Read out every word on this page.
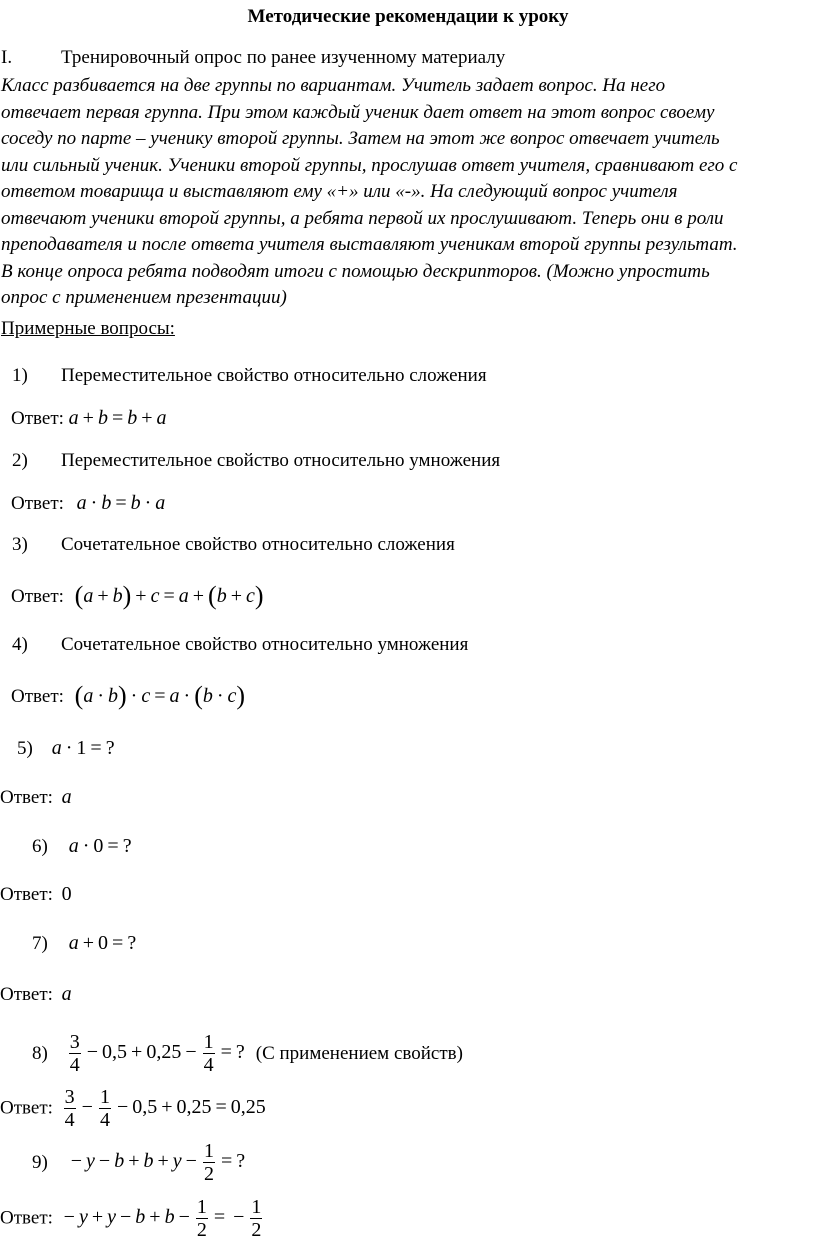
Методические рекомендации к уроку
I.	Тренировочный опрос по ранее изученному материалу
Класс разбивается на две группы по вариантам. Учитель задает вопрос. На него
отвечает первая группа. При этом каждый ученик дает ответ на этот вопрос своему
соседу по парте – ученику второй группы. Затем на этот же вопрос отвечает учитель
или сильный ученик. Ученики второй группы, прослушав ответ учителя, сравнивают его с
ответом товарища и выставляют ему «+» или «-». На следующий вопрос учителя
отвечают ученики второй группы, а ребята первой их прослушивают. Теперь они в роли
преподавателя и после ответа учителя выставляют ученикам второй группы результат.
В конце опроса ребята подводят итоги с помощью дескрипторов. (Можно упростить
опрос с применением презентации)
Примерные вопросы:
1) Переместительное свойство относительно сложения
Ответ: a + b = b + a
2) Переместительное свойство относительно умножения
Ответ: a · b = b · a
3) Сочетательное свойство относительно сложения
Ответ: (a + b) + c = a + (b + c)
4) Сочетательное свойство относительно умножения
Ответ: (a · b) · c = a · (b · c)
5) a · 1 = ?
Ответ: a
6) a · 0 = ?
Ответ: 0
7) a + 0 = ?
Ответ: a
$8) \frac{3}{4} - 0,5 + 0,25 - \frac{1}{4}$ = ? (С применением свойств)
Ответ: $\frac{3}{4} - \frac{1}{4} - 0,5 + 0,25 = 0,25$
$9) - y - b + b + y - \frac{1}{2}$ = ?
Ответ: − $y + y - b + b - \frac{1}{2}$ = − $\frac{1}{2}$
